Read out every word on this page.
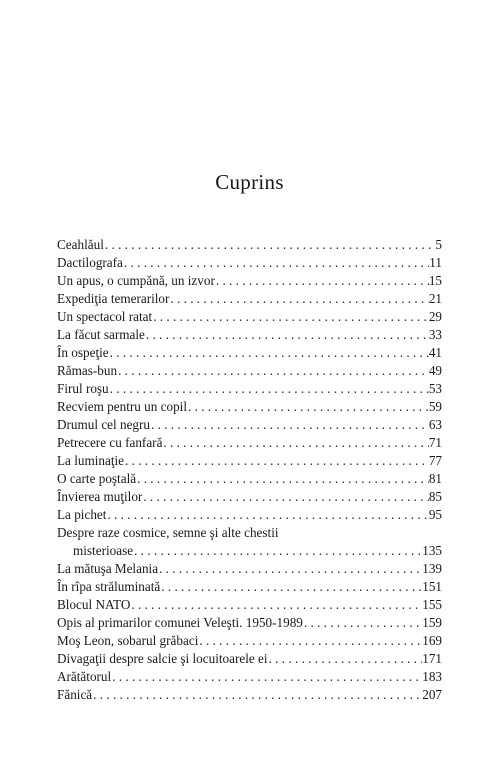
Cuprins
Ceahlăul . . .	5
Dactilografa . . .	11
Un apus, o cumpănă, un izvor . . .	15
Expediţia temerarilor . . .	21
Un spectacol ratat . . .	29
La făcut sarmale . . .	33
În ospeţie . . .	41
Rămas-bun . . .	49
Firul roşu . . .	53
Recviem pentru un copil . . .	59
Drumul cel negru . . .	63
Petrecere cu fanfară . . .	71
La luminaţie . . .	77
O carte poştală . . .	81
Învierea muţilor . . .	85
La pichet . . .	95
Despre raze cosmice, semne şi alte chestii
misterioase . . .	135
La mătuşa Melania . . .	139
În rîpa străluminată . . .	151
Blocul NATO . . .	155
Opis al primarilor comunei Veleşti. 1950-1989 . . .	159
Moş Leon, sobarul grăbaci . . .	169
Divagaţii despre salcie şi locuitoarele ei . . .	171
Arătătorul . . .	183
Fănică . . .	207
